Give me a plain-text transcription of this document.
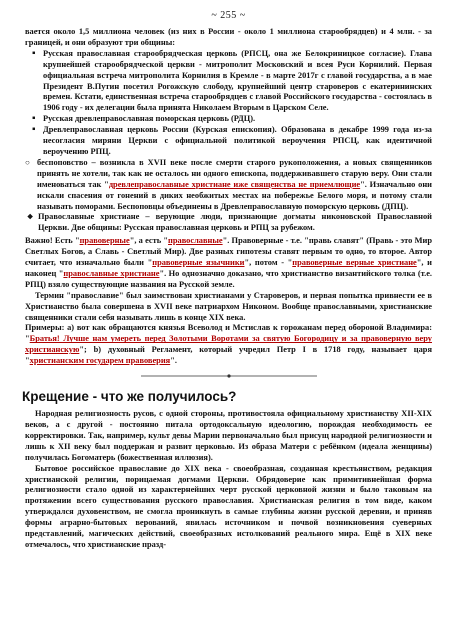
~ 255 ~

вается около 1,5 миллиона человек (из них в России - около 1 миллиона старообрядцев) и 4 млн. - за границей, и они образуют три общины:

▪ Русская православная старообрядческая церковь (РПСЦ, она же Белокриницкое согласие). Глава крупнейшей старообрядческой церкви - митрополит Московский и всея Руси Корнилий. Первая официальная встреча митрополита Корнилия в Кремле - в марте 2017г с главой государства, а в мае Президент В.Путин посетил Рогожскую слободу, крупнейший центр староверов с екатерининских времен. Кстати, единственная встреча старообрядцев с главой Российского государства - состоялась в 1906 году - их делегации была принята Николаем Вторым в Царском Селе.
▪ Русская древлеправославная поморская церковь (РДЦ).
▪ Древлеправославная церковь России (Курская епископия). Образована в декабре 1999 года из-за несогласия миряни Церкви с официальной политикой вероучения РПСЦ, как идентичной вероучению РПЦ.
○ беспоповство – возникла в XVII веке после смерти старого рукоположения, а новых священников принять не хотели, так как не осталось ни одного епископа, поддерживавшего старую веру. Они стали именоваться так "древлеправославные христиане иже священства не приемлющие". Изначально они искали спасения от гонений в диких необжитых местах на побережье Белого моря, и потому стали называть поморами. Беспоповцы объединены в Древлеправославную поморскую церковь (ДПЦ).
❖ Православные христиане – верующие люди, признающие догматы никоновской Православной Церкви. Две общины: Русская православная церковь и РПЦ за рубежом.

Важно! Есть "правоверные", а есть "православные". Правоверные - т.е. "правь славят" (Правь - это Мир Светлых Богов, а Славь - Светлый Мир). Две разных гипотезы ставят первым то одно, то второе. Автор считает, что изначально были "правоверные язычники", потом - "правоверные верные христиане", и наконец "православные христиане". Но однозначно доказано, что христианство византийского толка (т.е. РПЦ) взяло существующие названия на Русской земле.

Термин "православие" был заимствован христианами у Староверов, и первая попытка привнести ее в Христианство была совершена в XVII веке патриархом Никоном. Вообще православными, христианские священники стали себя называть лишь в конце XIX века.

Примеры: а) вот как обращаются князья Всеволод и Мстислав к горожанам перед обороной Владимира: "Братья! Лучше нам умереть перед Золотыми Воротами за святую Богородицу и за правоверную веру христианскую"; b) духовный Регламент, который учредил Петр I в 1718 году, называет царя "христианским государем правоверия".

Крещение - что же получилось?

Народная религиозность русов, с одной стороны, противостояла официальному христианству XII-XIX веков, а с другой - постоянно питала ортодоксальную идеологию, порождая необходимость ее корректировки. Так, например, культ девы Марии первоначально был присущ народной религиозности и лишь к XII веку был поддержан и развит церковью. Из образа Матери с ребёнком (идеала женщины) получилась Богоматерь (божественная иллюзия).

Бытовое российское православие до XIX века - своеобразная, созданная крестьянством, редакция христианской религии, порицаемая догмами Церкви. Обрядоверие как примитивнейшая форма религиозности стало одной из характернейших черт русской церковной жизни и было таковым на протяжении всего существования русского православия. Христианская религия в том виде, каком утверждался духовенством, не смогла проникнуть в самые глубины жизни русской деревни, и приняв формы аграрно-бытовых верований, явилась источником и почвой возникновения суеверных представлений, магических действий, своеобразных истолкований реального мира. Ещё в XIX веке отмечалось, что христианские празд-
